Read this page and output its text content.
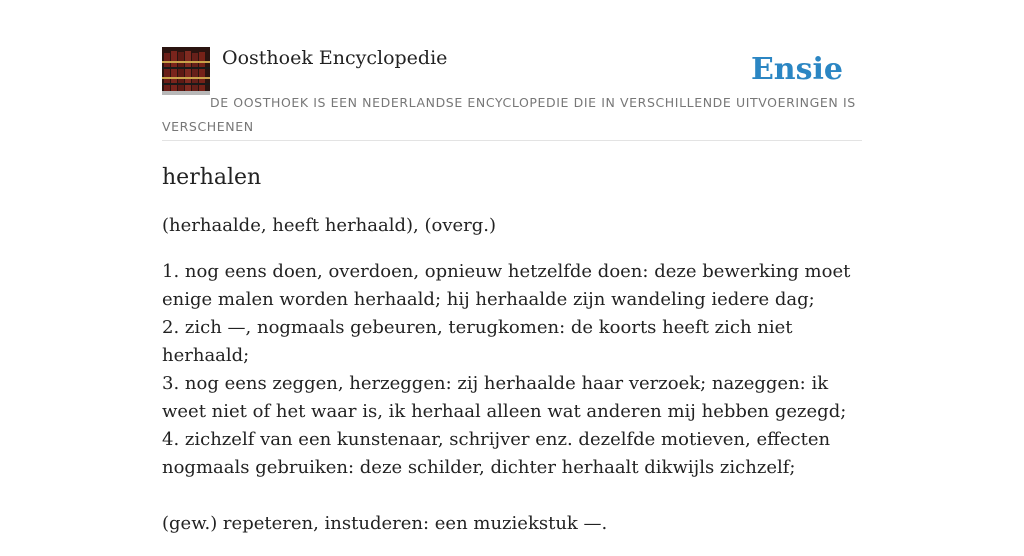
Oosthoek Encyclopedie	Ensie
DE OOSTHOEK IS EEN NEDERLANDSE ENCYCLOPEDIE DIE IN VERSCHILLENDE UITVOERINGEN IS VERSCHENEN
herhalen

(herhaalde, heeft herhaald), (overg.)

1. nog eens doen, overdoen, opnieuw hetzelfde doen: deze bewerking moet enige malen worden herhaald; hij herhaalde zijn wandeling iedere dag;
2. zich —, nogmaals gebeuren, terugkomen: de koorts heeft zich niet herhaald;
3. nog eens zeggen, herzeggen: zij herhaalde haar verzoek; nazeggen: ik weet niet of het waar is, ik herhaal alleen wat anderen mij hebben gezegd;
4. zichzelf van een kunstenaar, schrijver enz. dezelfde motieven, effecten nogmaals gebruiken: deze schilder, dichter herhaalt dikwijls zichzelf;

(gew.) repeteren, instuderen: een muziekstuk —.
